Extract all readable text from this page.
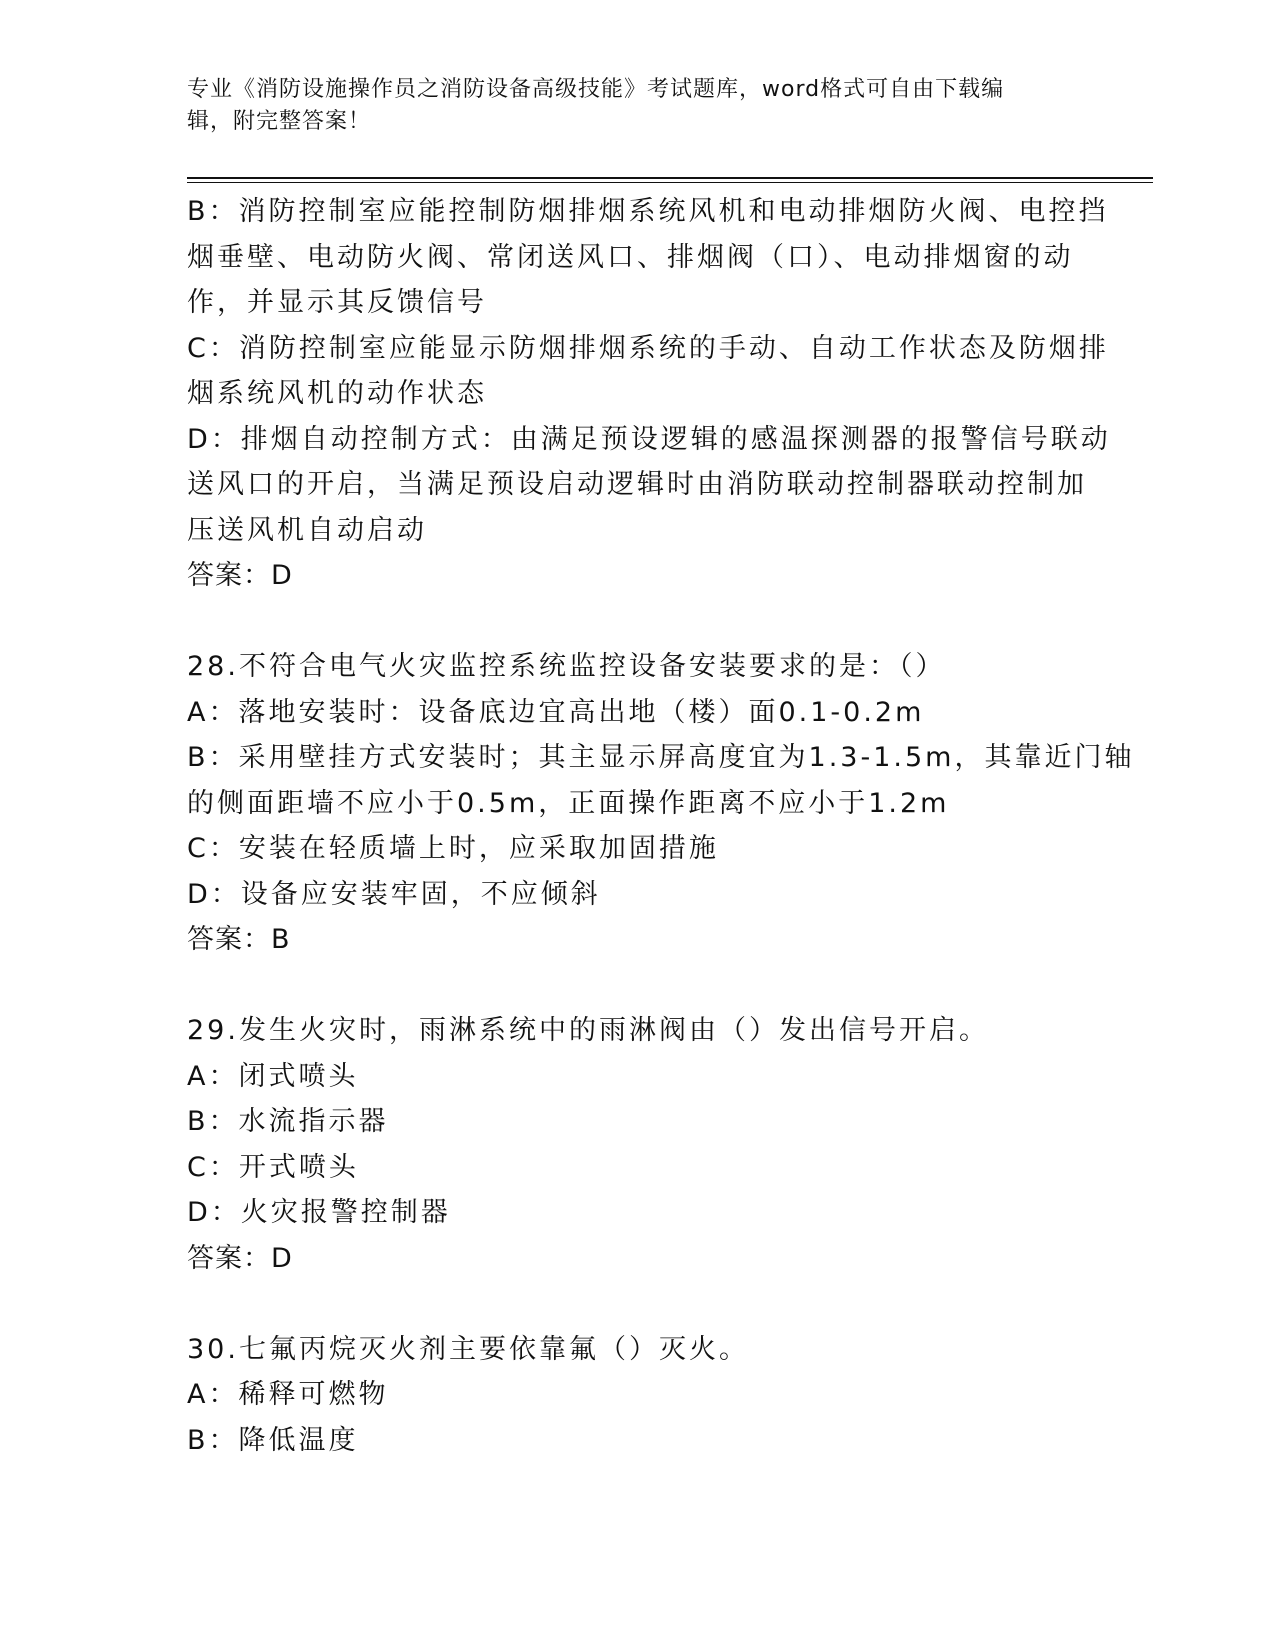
专业《消防设施操作员之消防设备高级技能》考试题库，word格式可自由下载编
辑，附完整答案！
B：消防控制室应能控制防烟排烟系统风机和电动排烟防火阀、电控挡
烟垂壁、电动防火阀、常闭送风口、排烟阀（口）、电动排烟窗的动
作，并显示其反馈信号
C：消防控制室应能显示防烟排烟系统的手动、自动工作状态及防烟排
烟系统风机的动作状态
D：排烟自动控制方式：由满足预设逻辑的感温探测器的报警信号联动
送风口的开启，当满足预设启动逻辑时由消防联动控制器联动控制加
压送风机自动启动
答案：D
28.不符合电气火灾监控系统监控设备安装要求的是：（）
A：落地安装时：设备底边宜高出地（楼）面0.1-0.2m
B：采用壁挂方式安装时；其主显示屏高度宜为1.3-1.5m，其靠近门轴
的侧面距墙不应小于0.5m，正面操作距离不应小于1.2m
C：安装在轻质墙上时，应采取加固措施
D：设备应安装牢固，不应倾斜
答案：B
29.发生火灾时，雨淋系统中的雨淋阀由（）发出信号开启。
A：闭式喷头
B：水流指示器
C：开式喷头
D：火灾报警控制器
答案：D
30.七氟丙烷灭火剂主要依靠氟（）灭火。
A：稀释可燃物
B：降低温度
